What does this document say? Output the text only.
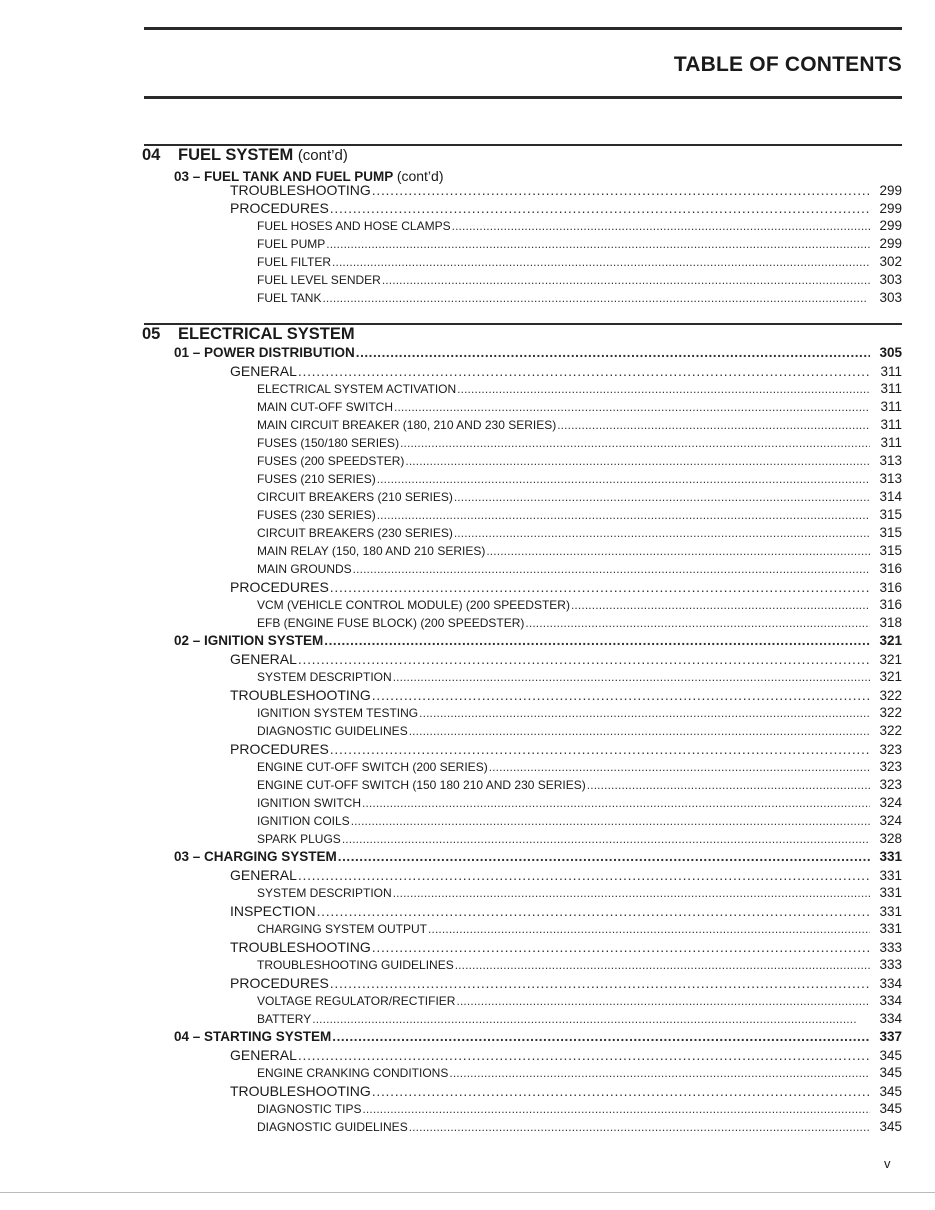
TABLE OF CONTENTS
04 FUEL SYSTEM (cont’d)
03 – FUEL TANK AND FUEL PUMP (cont’d)
TROUBLESHOOTING . . .	299
PROCEDURES . . .	299
FUEL HOSES AND HOSE CLAMPS . . .	299
FUEL PUMP . . .	299
FUEL FILTER . . .	302
FUEL LEVEL SENDER . . .	303
FUEL TANK . . .	303
05 ELECTRICAL SYSTEM
01 – POWER DISTRIBUTION . . .	305
GENERAL . . .	311
ELECTRICAL SYSTEM ACTIVATION . . .	311
MAIN CUT-OFF SWITCH . . .	311
MAIN CIRCUIT BREAKER (180, 210 AND 230 SERIES) . . .	311
FUSES (150/180 SERIES) . . .	311
FUSES (200 SPEEDSTER) . . .	313
FUSES (210 SERIES) . . .	313
CIRCUIT BREAKERS (210 SERIES) . . .	314
FUSES (230 SERIES) . . .	315
CIRCUIT BREAKERS (230 SERIES) . . .	315
MAIN RELAY (150, 180 AND 210 SERIES) . . .	315
MAIN GROUNDS . . .	316
PROCEDURES . . .	316
VCM (VEHICLE CONTROL MODULE) (200 SPEEDSTER) . . .	316
EFB (ENGINE FUSE BLOCK) (200 SPEEDSTER) . . .	318
02 – IGNITION SYSTEM . . .	321
GENERAL . . .	321
SYSTEM DESCRIPTION . . .	321
TROUBLESHOOTING . . .	322
IGNITION SYSTEM TESTING . . .	322
DIAGNOSTIC GUIDELINES . . .	322
PROCEDURES . . .	323
ENGINE CUT-OFF SWITCH (200 SERIES) . . .	323
ENGINE CUT-OFF SWITCH (150 180 210 AND 230 SERIES) . . .	323
IGNITION SWITCH . . .	324
IGNITION COILS . . .	324
SPARK PLUGS . . .	328
03 – CHARGING SYSTEM . . .	331
GENERAL . . .	331
SYSTEM DESCRIPTION . . .	331
INSPECTION . . .	331
CHARGING SYSTEM OUTPUT . . .	331
TROUBLESHOOTING . . .	333
TROUBLESHOOTING GUIDELINES . . .	333
PROCEDURES . . .	334
VOLTAGE REGULATOR/RECTIFIER . . .	334
BATTERY . . .	334
04 – STARTING SYSTEM . . .	337
GENERAL . . .	345
ENGINE CRANKING CONDITIONS . . .	345
TROUBLESHOOTING . . .	345
DIAGNOSTIC TIPS . . .	345
DIAGNOSTIC GUIDELINES . . .	345
v
